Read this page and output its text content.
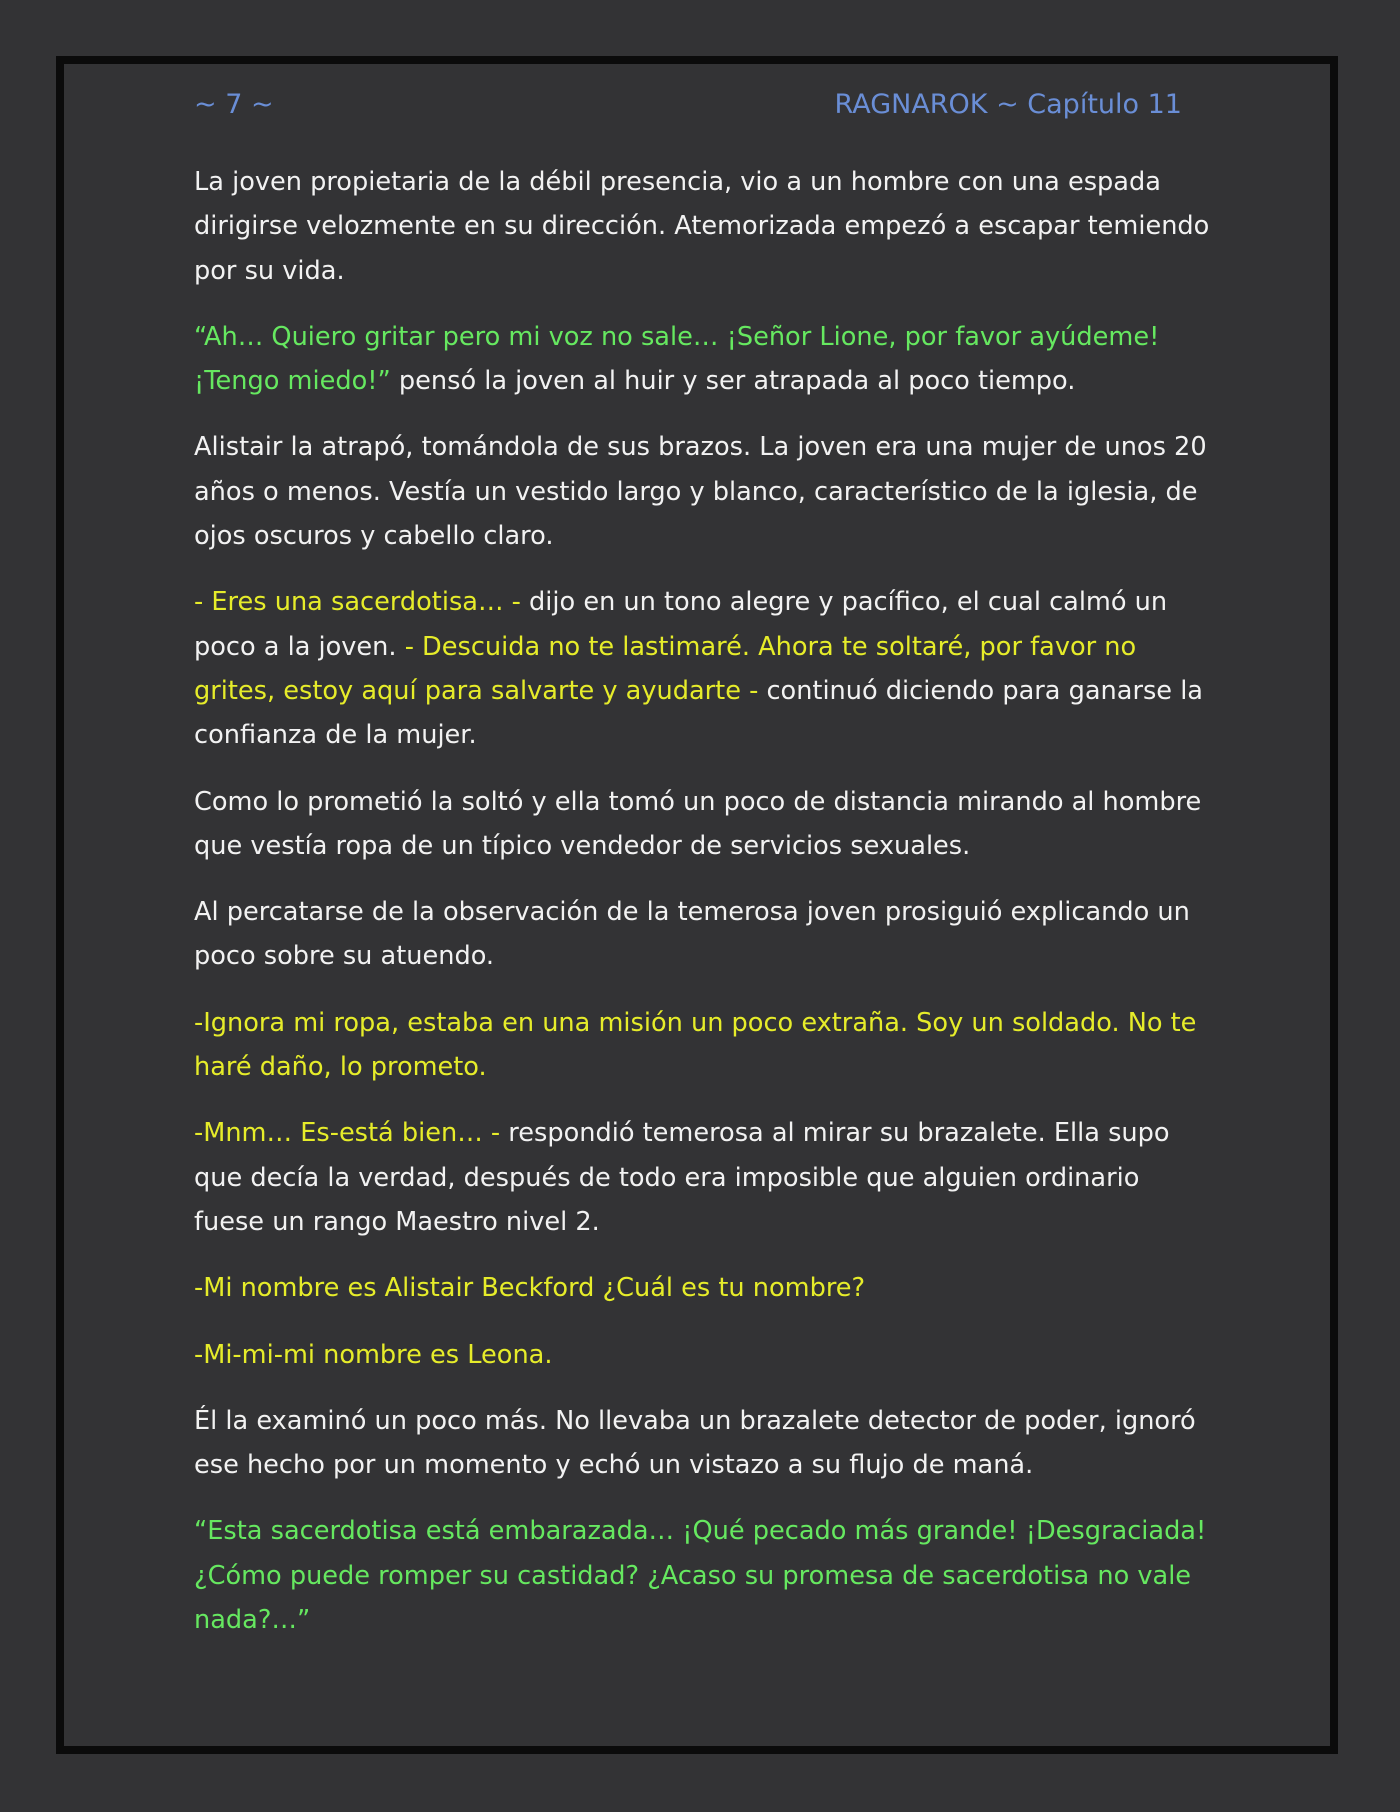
~ 7 ~	RAGNAROK ~ Capítulo 11

La joven propietaria de la débil presencia, vio a un hombre con una espada dirigirse velozmente en su dirección. Atemorizada empezó a escapar temiendo por su vida.

“Ah… Quiero gritar pero mi voz no sale… ¡Señor Lione, por favor ayúdeme! ¡Tengo miedo!” pensó la joven al huir y ser atrapada al poco tiempo.

Alistair la atrapó, tomándola de sus brazos. La joven era una mujer de unos 20 años o menos. Vestía un vestido largo y blanco, característico de la iglesia, de ojos oscuros y cabello claro.

- Eres una sacerdotisa… - dijo en un tono alegre y pacífico, el cual calmó un poco a la joven. - Descuida no te lastimaré. Ahora te soltaré, por favor no grites, estoy aquí para salvarte y ayudarte - continuó diciendo para ganarse la confianza de la mujer.

Como lo prometió la soltó y ella tomó un poco de distancia mirando al hombre que vestía ropa de un típico vendedor de servicios sexuales.

Al percatarse de la observación de la temerosa joven prosiguió explicando un poco sobre su atuendo.

-Ignora mi ropa, estaba en una misión un poco extraña. Soy un soldado. No te haré daño, lo prometo.

-Mnm… Es-está bien… - respondió temerosa al mirar su brazalete. Ella supo que decía la verdad, después de todo era imposible que alguien ordinario fuese un rango Maestro nivel 2.

-Mi nombre es Alistair Beckford ¿Cuál es tu nombre?

-Mi-mi-mi nombre es Leona.

Él la examinó un poco más. No llevaba un brazalete detector de poder, ignoró ese hecho por un momento y echó un vistazo a su flujo de maná.

“Esta sacerdotisa está embarazada… ¡Qué pecado más grande! ¡Desgraciada! ¿Cómo puede romper su castidad? ¿Acaso su promesa de sacerdotisa no vale nada?…”
